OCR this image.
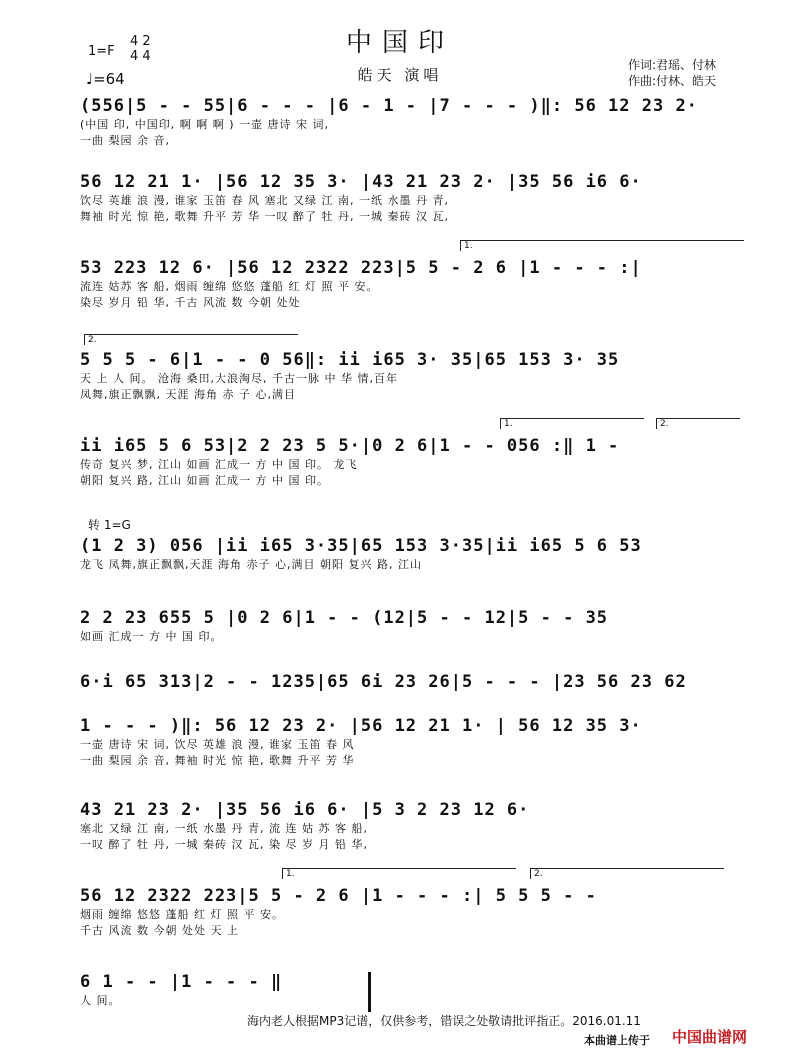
中国印
皓天 演唱
1=F
4 2
4 4
♩=64
作词:君瑶、付林
作曲:付林、皓天
(556|5 - - 55|6 - - - |6 - 1 - |7 - - - )‖: 56 12 23 2·
(中国 印, 中国印, 啊 啊 啊 ) 一壶 唐诗 宋 词,
一曲 梨园 余 音,
56 12 21 1· |56 12 35 3· |43 21 23 2· |35 56 i6 6·
饮尽 英雄 浪 漫, 谁家 玉笛 春 风 塞北 又绿 江 南, 一纸 水墨 丹 青,
舞袖 时光 惊 艳, 歌舞 升平 芳 华 一叹 醉了 牡 丹, 一城 秦砖 汉 瓦,
1.
53 223 12 6· |56 12 2322 223|5 5 - 2 6 |1 - - - :|
流连 姑苏 客 船, 烟雨 缠绵 悠悠 蓬船 红 灯 照 平 安。
染尽 岁月 铅 华, 千古 风流 数 今朝 处处
2.
5 5 5 - 6|1 - - 0 56‖: ii i65 3· 35|65 153 3· 35
天 上 人 间。 沧海 桑田,大浪淘尽, 千古一脉 中 华 情,百年
凤舞,旗正飘飘, 天涯 海角 赤 子 心,满目
1.	2.
ii i65 5 6 53|2 2 23 5 5·|0 2 6|1 - - 056 :‖ 1 -
传奇 复兴 梦, 江山 如画 汇成一 方 中 国 印。 龙飞
朝阳 复兴 路, 江山 如画 汇成一 方 中 国 印。
转 1=G
(1 2 3) 056 |ii i65 3·35|65 153 3·35|ii i65 5 6 53
龙飞 凤舞,旗正飘飘,天涯 海角 赤子 心,满目 朝阳 复兴 路, 江山
2 2 23 655 5 |0 2 6|1 - - (12|5 - - 12|5 - - 35
如画 汇成一 方 中 国 印。
6·i 65 313|2 - - 1235|65 6i 23 26|5 - - - |23 56 23 62
1 - - - )‖: 56 12 23 2· |56 12 21 1· | 56 12 35 3·
一壶 唐诗 宋 词, 饮尽 英雄 浪 漫, 谁家 玉笛 春 风
一曲 梨园 余 音, 舞袖 时光 惊 艳, 歌舞 升平 芳 华
43 21 23 2· |35 56 i6 6· |5 3 2 23 12 6·
塞北 又绿 江 南, 一纸 水墨 丹 青, 流 连 姑 苏 客 船,
一叹 醉了 牡 丹, 一城 秦砖 汉 瓦, 染 尽 岁 月 铅 华,
1.	2.
56 12 2322 223|5 5 - 2 6 |1 - - - :| 5 5 5 - -
烟雨 缠绵 悠悠 蓬船 红 灯 照 平 安。
千古 风流 数 今朝 处处 天 上
6 1 - - |1 - - - ‖
人 间。
海内老人根据MP3记谱，仅供参考，错误之处敬请批评指正。2016.01.11
本曲谱上传于 中国曲谱网
